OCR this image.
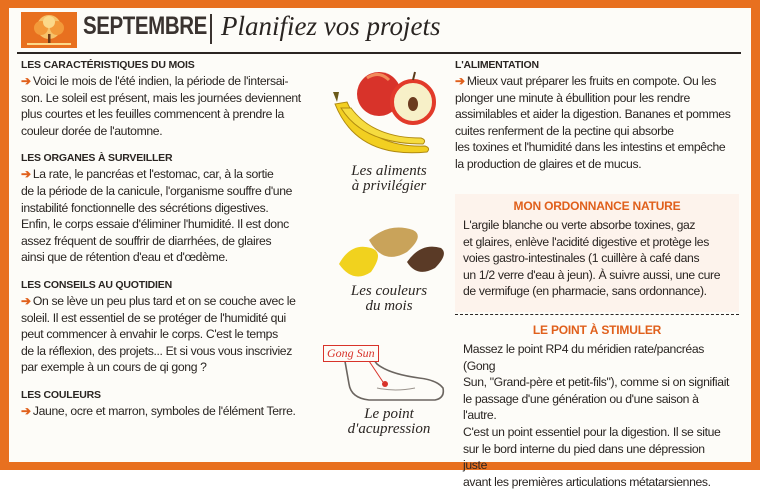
SEPTEMBRE Planifiez vos projets
LES CARACTÉRISTIQUES DU MOIS

➔ Voici le mois de l'été indien, la période de l'intersai-
son. Le soleil est présent, mais les journées deviennent
plus courtes et les feuilles commencent à prendre la
couleur dorée de l'automne.

LES ORGANES À SURVEILLER

➔ La rate, le pancréas et l'estomac, car, à la sortie
de la période de la canicule, l'organisme souffre d'une
instabilité fonctionnelle des sécrétions digestives.
Enfin, le corps essaie d'éliminer l'humidité. Il est donc
assez fréquent de souffrir de diarrhées, de glaires
ainsi que de rétention d'eau et d'œdème.

LES CONSEILS AU QUOTIDIEN

➔ On se lève un peu plus tard et on se couche avec le
soleil. Il est essentiel de se protéger de l'humidité qui
peut commencer à envahir le corps. C'est le temps
de la réflexion, des projets... Et si vous vous inscriviez
par exemple à un cours de qi gong ?

LES COULEURS

➔ Jaune, ocre et marron, symboles de l'élément Terre.

Les aliments
à privilégier
Les couleurs
du mois
Gong Sun
Le point
d'acupression
L'ALIMENTATION

➔ Mieux vaut préparer les fruits en compote. Ou les
plonger une minute à ébullition pour les rendre
assimilables et aider la digestion. Bananes et pommes
cuites renferment de la pectine qui absorbe
les toxines et l'humidité dans les intestins et empêche
la production de glaires et de mucus.

MON ORDONNANCE NATURE

L'argile blanche ou verte absorbe toxines, gaz
et glaires, enlève l'acidité digestive et protège les
voies gastro-intestinales (1 cuillère à café dans
un 1/2 verre d'eau à jeun). À suivre aussi, une cure
de vermifuge (en pharmacie, sans ordonnance).

LE POINT À STIMULER

Massez le point RP4 du méridien rate/pancréas (Gong
Sun, "Grand-père et petit-fils"), comme si on signifiait
le passage d'une génération ou d'une saison à l'autre.
C'est un point essentiel pour la digestion. Il se situe
sur le bord interne du pied dans une dépression juste
avant les premières articulations métatarsiennes.
